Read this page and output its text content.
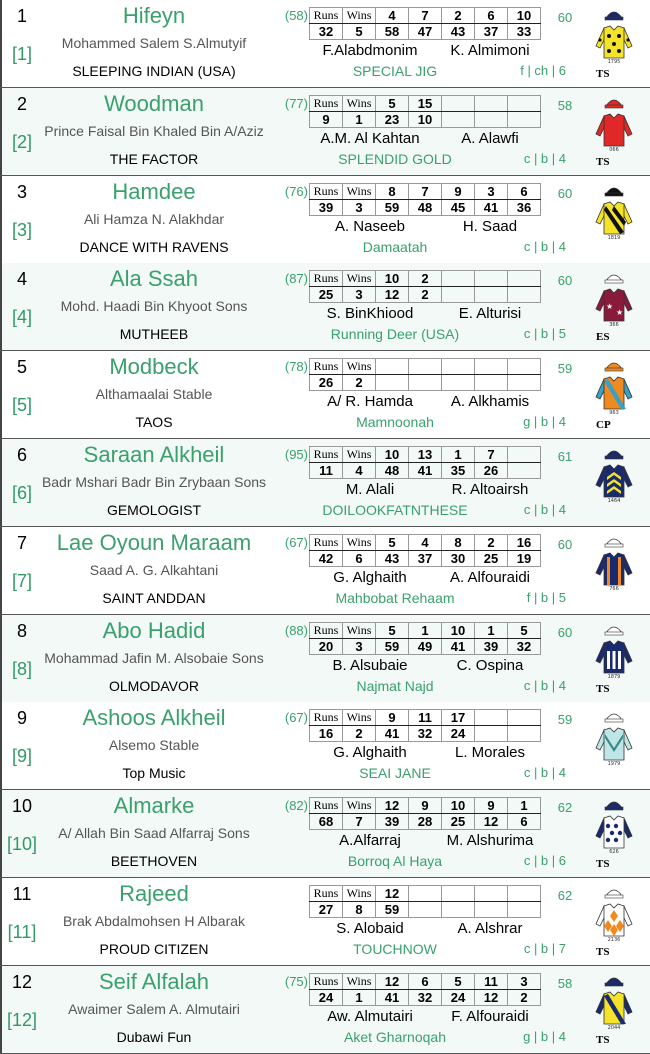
1
[1]
Hifeyn	(58)
Mohammed Salem S.Almutyif
SLEEPING INDIAN (USA)
Runs	Wins	4	7	2	6	10
32	5	58	47	43	37	33
F.Alabdmonim	K. Almimoni
SPECIAL JIG
60
f | ch | 6
1795
TS
2
[2]
Woodman	(77)
Prince Faisal Bin Khaled Bin A/Aziz
THE FACTOR
Runs	Wins	5	15			
9	1	23	10			
A.M. Al Kahtan	A. Alawfi
SPLENDID GOLD
58
c | b | 4
066
TS
3
[3]
Hamdee	(76)
Ali Hamza N. Alakhdar
DANCE WITH RAVENS
Runs	Wins	8	7	9	3	6
39	3	59	48	45	41	36
A. Naseeb	H. Saad
Damaatah
60
c | b | 4
1819
4
[4]
Ala Ssah	(87)
Mohd. Haadi Bin Khyoot Sons
MUTHEEB
Runs	Wins	10	2			
25	3	12	2			
S. BinKhiood	E. Alturisi
Running Deer (USA)
60
c | b | 5
★
★
366
ES
5
[5]
Modbeck	(78)
Althamaalai Stable
TAOS
Runs	Wins					
26	2					
A/ R. Hamda	A. Alkhamis
Mamnoonah
59
g | b | 4
963
CP
6
[6]
Saraan Alkheil	(95)
Badr Mshari Badr Bin Zrybaan Sons
GEMOLOGIST
Runs	Wins	10	13	1	7	
11	4	48	41	35	26	
M. Alali	R. Altoairsh
DOILOOKFATNTHESE
61
c | b | 4
1464
7
[7]
Lae Oyoun Maraam	(67)
Saad A. G. Alkahtani
SAINT ANDDAN
Runs	Wins	5	4	8	2	16
42	6	43	37	30	25	19
G. Alghaith	A. Alfouraidi
Mahbobat Rehaam
60
f | b | 5
766
8
[8]
Abo Hadid	(88)
Mohammad Jafin M. Alsobaie Sons
OLMODAVOR
Runs	Wins	5	1	10	1	5
20	3	59	49	41	39	32
B. Alsubaie	C. Ospina
Najmat Najd
60
c | b | 4
1879
TS
9
[9]
Ashoos Alkheil	(67)
Alsemo Stable
Top Music
Runs	Wins	9	11	17		
16	2	41	32	24		
G. Alghaith	L. Morales
SEAI JANE
59
c | b | 4
1979
10
[10]
Almarke	(82)
A/ Allah Bin Saad Alfarraj Sons
BEETHOVEN
Runs	Wins	12	9	10	9	1
68	7	39	28	25	12	6
A.Alfarraj	M. Alshurima
Borroq Al Haya
62
c | b | 6
626
TS
11
[11]
Rajeed
Brak Abdalmohsen H Albarak
PROUD CITIZEN
Runs	Wins	12				
27	8	59				
S. Alobaid	A. Alshrar
TOUCHNOW
62
c | b | 7
2136
TS
12
[12]
Seif Alfalah	(75)
Awaimer Salem A. Almutairi
Dubawi Fun
Runs	Wins	12	6	5	11	3
24	1	41	32	24	12	2
Aw. Almutairi	F. Alfouraidi
Aket Gharnoqah
58
g | b | 4
2044
TS
